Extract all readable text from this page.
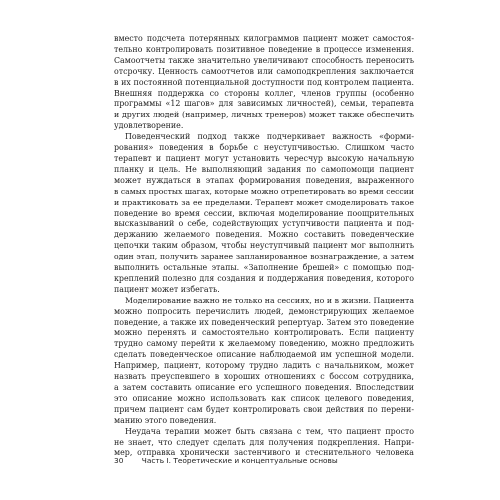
вместо подсчета потерянных килограммов пациент может самостоя-
тельно контролировать позитивное поведение в процессе изменения.
Самоотчеты также значительно увеличивают способность переносить
отсрочку. Ценность самоотчетов или самоподкрепления заключается
в их постоянной потенциальной доступности под контролем пациента.
Внешняя поддержка со стороны коллег, членов группы (особенно
программы «12 шагов» для зависимых личностей), семьи, терапевта
и других людей (например, личных тренеров) может также обеспечить
удовлетворение.
Поведенческий подход также подчеркивает важность «форми-
рования» поведения в борьбе с неуступчивостью. Слишком часто
терапевт и пациент могут установить чересчур высокую начальную
планку и цель. Не выполняющий задания по самопомощи пациент
может нуждаться в этапах формирования поведения, выраженного
в самых простых шагах, которые можно отрепетировать во время сессии
и практиковать за ее пределами. Терапевт может смоделировать такое
поведение во время сессии, включая моделирование поощрительных
высказываний о себе, содействующих уступчивости пациента и под-
держанию желаемого поведения. Можно составить поведенческие
цепочки таким образом, чтобы неуступчивый пациент мог выполнить
один этап, получить заранее запланированное вознаграждение, а затем
выполнить остальные этапы. «Заполнение брешей» с помощью под-
креплений полезно для создания и поддержания поведения, которого
пациент может избегать.
Моделирование важно не только на сессиях, но и в жизни. Пациента
можно попросить перечислить людей, демонстрирующих желаемое
поведение, а также их поведенческий репертуар. Затем это поведение
можно перенять и самостоятельно контролировать. Если пациенту
трудно самому перейти к желаемому поведению, можно предложить
сделать поведенческое описание наблюдаемой им успешной модели.
Например, пациент, которому трудно ладить с начальником, может
назвать преуспевшего в хороших отношениях с боссом сотрудника,
а затем составить описание его успешного поведения. Впоследствии
это описание можно использовать как список целевого поведения,
причем пациент сам будет контролировать свои действия по перени-
манию этого поведения.
Неудача терапии может быть связана с тем, что пациент просто
не знает, что следует сделать для получения подкрепления. Напри-
мер, отправка хронически застенчивого и стеснительного человека
30 Часть I. Теоретические и концептуальные основы
